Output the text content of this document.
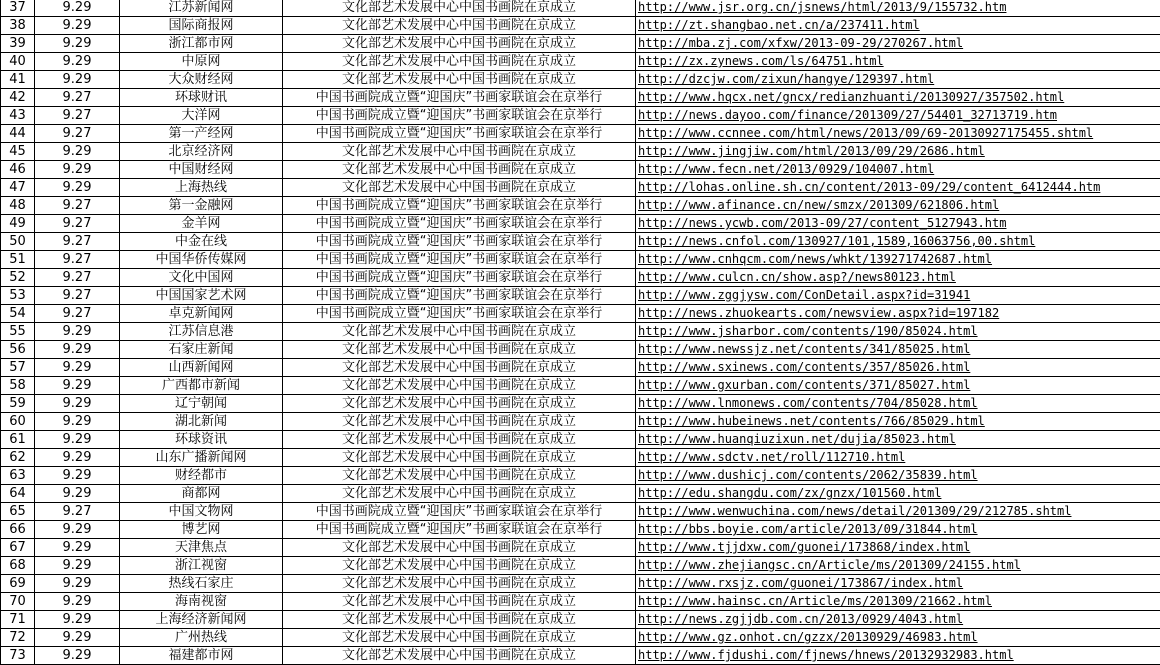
37	9.29	江苏新闻网	文化部艺术发展中心中国书画院在京成立	http://www.jsr.org.cn/jsnews/html/2013/9/155732.htm
38	9.29	国际商报网	文化部艺术发展中心中国书画院在京成立	http://zt.shangbao.net.cn/a/237411.html
39	9.29	浙江都市网	文化部艺术发展中心中国书画院在京成立	http://mba.zj.com/xfxw/2013-09-29/270267.html
40	9.29	中原网	文化部艺术发展中心中国书画院在京成立	http://zx.zynews.com/ls/64751.html
41	9.29	大众财经网	文化部艺术发展中心中国书画院在京成立	http://dzcjw.com/zixun/hangye/129397.html
42	9.27	环球财讯	中国书画院成立暨“迎国庆”书画家联谊会在京举行	http://www.hqcx.net/gncx/redianzhuanti/20130927/357502.html
43	9.27	大洋网	中国书画院成立暨“迎国庆”书画家联谊会在京举行	http://news.dayoo.com/finance/201309/27/54401_32713719.htm
44	9.27	第一产经网	中国书画院成立暨“迎国庆”书画家联谊会在京举行	http://www.ccnnee.com/html/news/2013/09/69-20130927175455.shtml
45	9.29	北京经济网	文化部艺术发展中心中国书画院在京成立	http://www.jingjiw.com/html/2013/09/29/2686.html
46	9.29	中国财经网	文化部艺术发展中心中国书画院在京成立	http://www.fecn.net/2013/0929/104007.html
47	9.29	上海热线	文化部艺术发展中心中国书画院在京成立	http://lohas.online.sh.cn/content/2013-09/29/content_6412444.htm
48	9.27	第一金融网	中国书画院成立暨“迎国庆”书画家联谊会在京举行	http://www.afinance.cn/new/smzx/201309/621806.html
49	9.27	金羊网	中国书画院成立暨“迎国庆”书画家联谊会在京举行	http://news.ycwb.com/2013-09/27/content_5127943.htm
50	9.27	中金在线	中国书画院成立暨“迎国庆”书画家联谊会在京举行	http://news.cnfol.com/130927/101,1589,16063756,00.shtml
51	9.27	中国华侨传媒网	中国书画院成立暨“迎国庆”书画家联谊会在京举行	http://www.cnhqcm.com/news/whkt/139271742687.html
52	9.27	文化中国网	中国书画院成立暨“迎国庆”书画家联谊会在京举行	http://www.culcn.cn/show.asp?/news80123.html
53	9.27	中国国家艺术网	中国书画院成立暨“迎国庆”书画家联谊会在京举行	http://www.zggjysw.com/ConDetail.aspx?id=31941
54	9.27	卓克新闻网	中国书画院成立暨“迎国庆”书画家联谊会在京举行	http://news.zhuokearts.com/newsview.aspx?id=197182
55	9.29	江苏信息港	文化部艺术发展中心中国书画院在京成立	http://www.jsharbor.com/contents/190/85024.html
56	9.29	石家庄新闻	文化部艺术发展中心中国书画院在京成立	http://www.newssjz.net/contents/341/85025.html
57	9.29	山西新闻网	文化部艺术发展中心中国书画院在京成立	http://www.sxinews.com/contents/357/85026.html
58	9.29	广西都市新闻	文化部艺术发展中心中国书画院在京成立	http://www.gxurban.com/contents/371/85027.html
59	9.29	辽宁朝闻	文化部艺术发展中心中国书画院在京成立	http://www.lnmonews.com/contents/704/85028.html
60	9.29	湖北新闻	文化部艺术发展中心中国书画院在京成立	http://www.hubeinews.net/contents/766/85029.html
61	9.29	环球资讯	文化部艺术发展中心中国书画院在京成立	http://www.huanqiuzixun.net/dujia/85023.html
62	9.29	山东广播新闻网	文化部艺术发展中心中国书画院在京成立	http://www.sdctv.net/roll/112710.html
63	9.29	财经都市	文化部艺术发展中心中国书画院在京成立	http://www.dushicj.com/contents/2062/35839.html
64	9.29	商都网	文化部艺术发展中心中国书画院在京成立	http://edu.shangdu.com/zx/gnzx/101560.html
65	9.27	中国文物网	中国书画院成立暨“迎国庆”书画家联谊会在京举行	http://www.wenwuchina.com/news/detail/201309/29/212785.shtml
66	9.29	博艺网	中国书画院成立暨“迎国庆”书画家联谊会在京举行	http://bbs.boyie.com/article/2013/09/31844.html
67	9.29	天津焦点	文化部艺术发展中心中国书画院在京成立	http://www.tjjdxw.com/guonei/173868/index.html
68	9.29	浙江视窗	文化部艺术发展中心中国书画院在京成立	http://www.zhejiangsc.cn/Article/ms/201309/24155.html
69	9.29	热线石家庄	文化部艺术发展中心中国书画院在京成立	http://www.rxsjz.com/guonei/173867/index.html
70	9.29	海南视窗	文化部艺术发展中心中国书画院在京成立	http://www.hainsc.cn/Article/ms/201309/21662.html
71	9.29	上海经济新闻网	文化部艺术发展中心中国书画院在京成立	http://news.zgjjdb.com.cn/2013/0929/4043.html
72	9.29	广州热线	文化部艺术发展中心中国书画院在京成立	http://www.gz.onhot.cn/gzzx/20130929/46983.html
73	9.29	福建都市网	文化部艺术发展中心中国书画院在京成立	http://www.fjdushi.com/fjnews/hnews/20132932983.html
